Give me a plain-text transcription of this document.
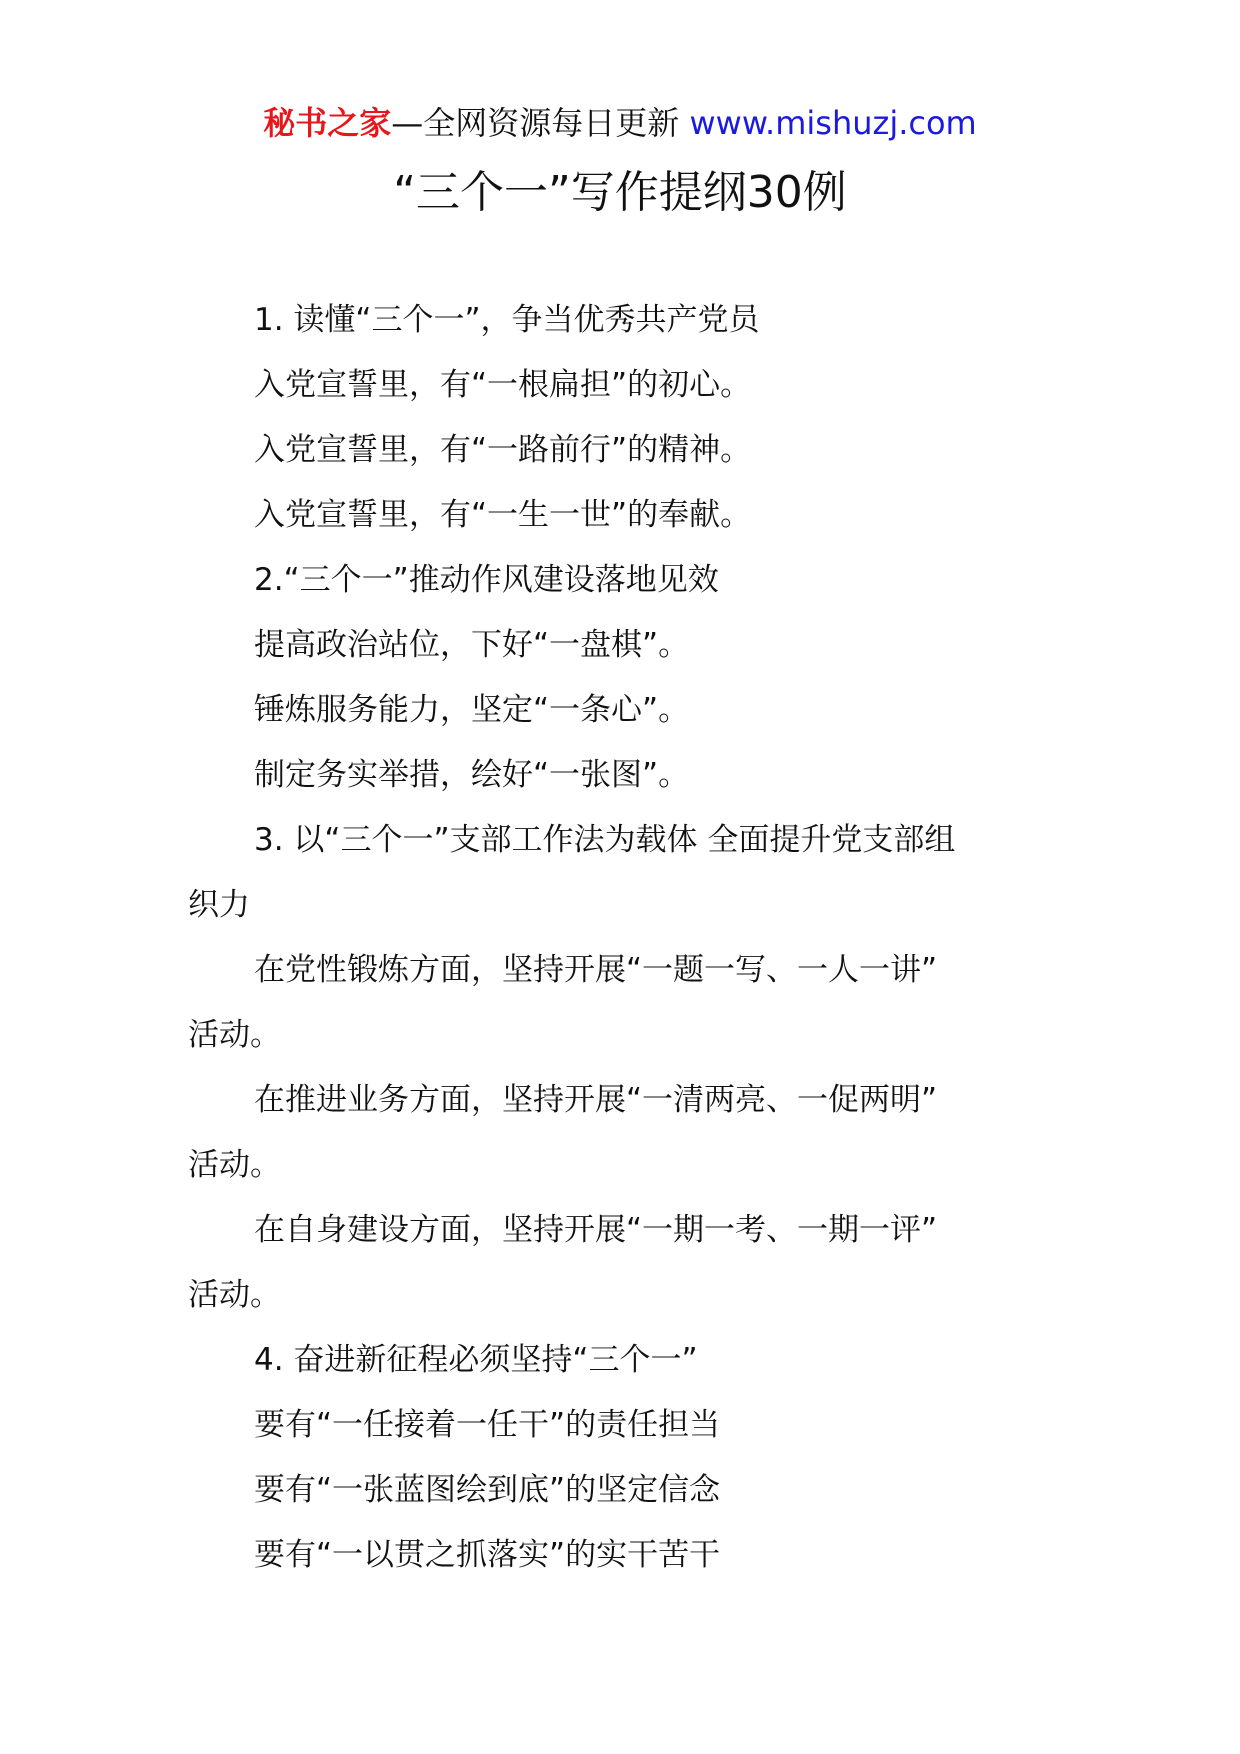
秘书之家—全网资源每日更新 www.mishuzj.com
“三个一”写作提纲30例
1. 读懂“三个一”，争当优秀共产党员
入党宣誓里，有“一根扁担”的初心。
入党宣誓里，有“一路前行”的精神。
入党宣誓里，有“一生一世”的奉献。
2.“三个一”推动作风建设落地见效
提高政治站位，下好“一盘棋”。
锤炼服务能力，坚定“一条心”。
制定务实举措，绘好“一张图”。
3. 以“三个一”支部工作法为载体 全面提升党支部组
织力
在党性锻炼方面，坚持开展“一题一写、一人一讲”
活动。
在推进业务方面，坚持开展“一清两亮、一促两明”
活动。
在自身建设方面，坚持开展“一期一考、一期一评”
活动。
4. 奋进新征程必须坚持“三个一”
要有“一任接着一任干”的责任担当
要有“一张蓝图绘到底”的坚定信念
要有“一以贯之抓落实”的实干苦干
